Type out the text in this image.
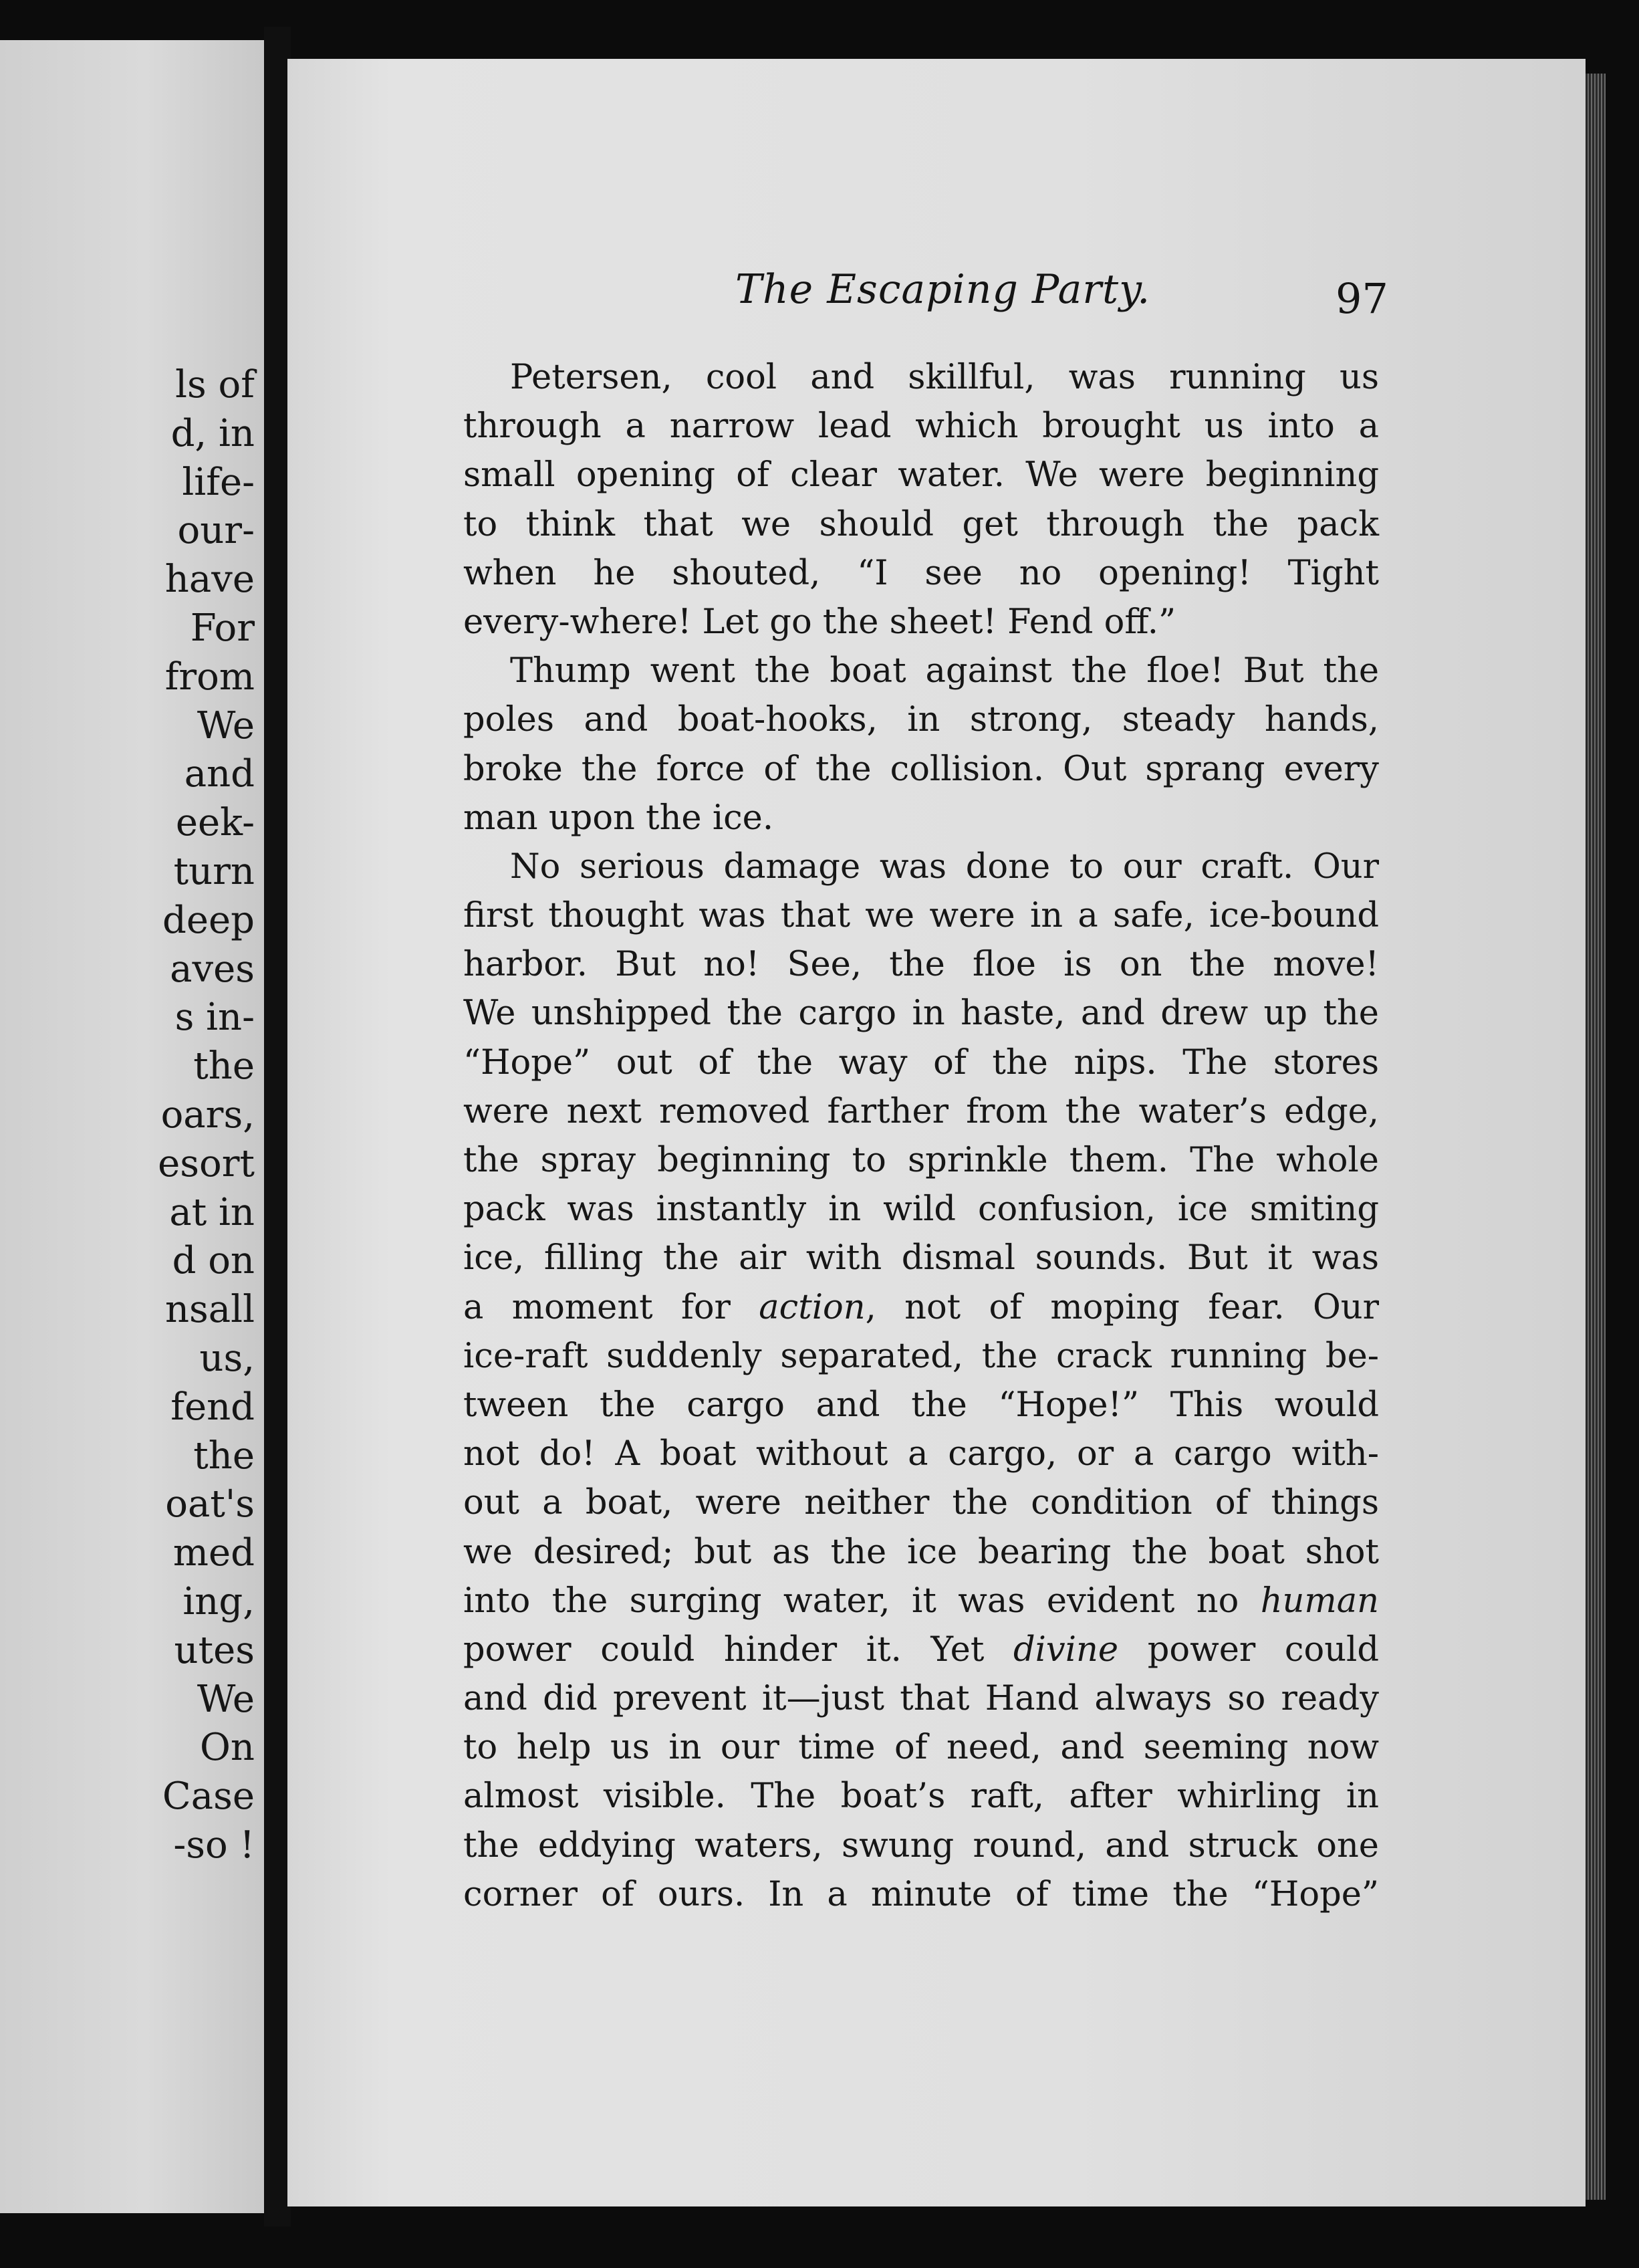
ls of
d, in
life-
our-
have
For
from
We
and
eek-
turn
deep
aves
s in-
the
oars,
esort
at in
d on
nsall
us,
fend
the
oat's
med
ing,
utes
We
On
Case
-so !
The Escaping Party.	97
Petersen, cool and skillful, was running us
through a narrow lead which brought us into a
small opening of clear water. We were beginning
to think that we should get through the pack
when he shouted, “I see no opening! Tight
every-where! Let go the sheet! Fend off.”
Thump went the boat against the floe! But the
poles and boat-hooks, in strong, steady hands,
broke the force of the collision. Out sprang every
man upon the ice.
No serious damage was done to our craft. Our
first thought was that we were in a safe, ice-bound
harbor. But no! See, the floe is on the move!
We unshipped the cargo in haste, and drew up the
“Hope” out of the way of the nips. The stores
were next removed farther from the water’s edge,
the spray beginning to sprinkle them. The whole
pack was instantly in wild confusion, ice smiting
ice, filling the air with dismal sounds. But it was
a moment for action, not of moping fear. Our
ice-raft suddenly separated, the crack running be-
tween the cargo and the “Hope!” This would
not do! A boat without a cargo, or a cargo with-
out a boat, were neither the condition of things
we desired; but as the ice bearing the boat shot
into the surging water, it was evident no human
power could hinder it. Yet divine power could
and did prevent it—just that Hand always so ready
to help us in our time of need, and seeming now
almost visible. The boat’s raft, after whirling in
the eddying waters, swung round, and struck one
corner of ours. In a minute of time the “Hope”
